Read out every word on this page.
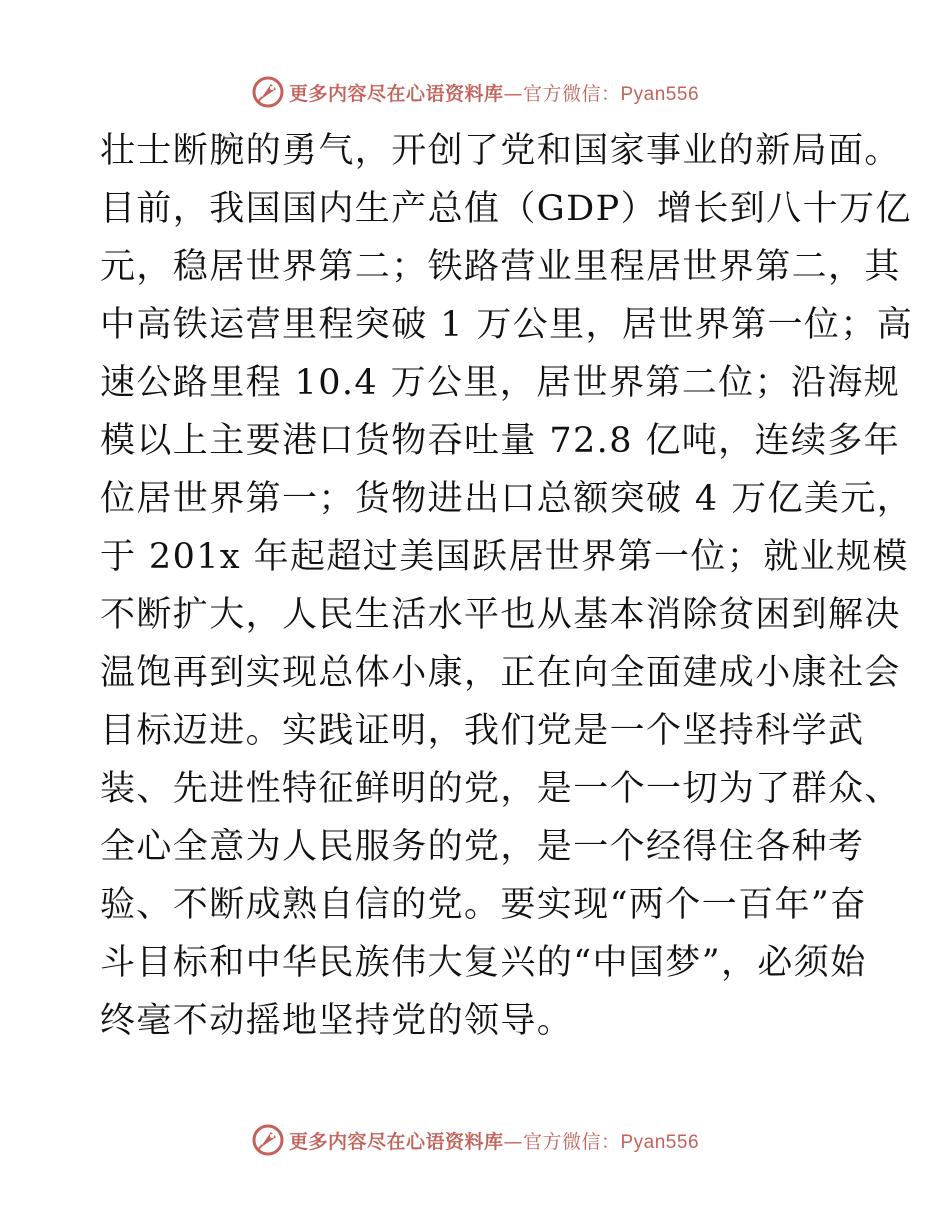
更多内容尽在心语资料库—官方微信：Pyan556
壮士断腕的勇气，开创了党和国家事业的新局面。
目前，我国国内生产总值（GDP）增长到八十万亿
元，稳居世界第二；铁路营业里程居世界第二，其
中高铁运营里程突破 1 万公里，居世界第一位；高
速公路里程 10.4 万公里，居世界第二位；沿海规
模以上主要港口货物吞吐量 72.8 亿吨，连续多年
位居世界第一；货物进出口总额突破 4 万亿美元，
于 201x 年起超过美国跃居世界第一位；就业规模
不断扩大，人民生活水平也从基本消除贫困到解决
温饱再到实现总体小康，正在向全面建成小康社会
目标迈进。实践证明，我们党是一个坚持科学武
装、先进性特征鲜明的党，是一个一切为了群众、
全心全意为人民服务的党，是一个经得住各种考
验、不断成熟自信的党。要实现“两个一百年”奋
斗目标和中华民族伟大复兴的“中国梦”，必须始
终毫不动摇地坚持党的领导。
更多内容尽在心语资料库—官方微信：Pyan556
